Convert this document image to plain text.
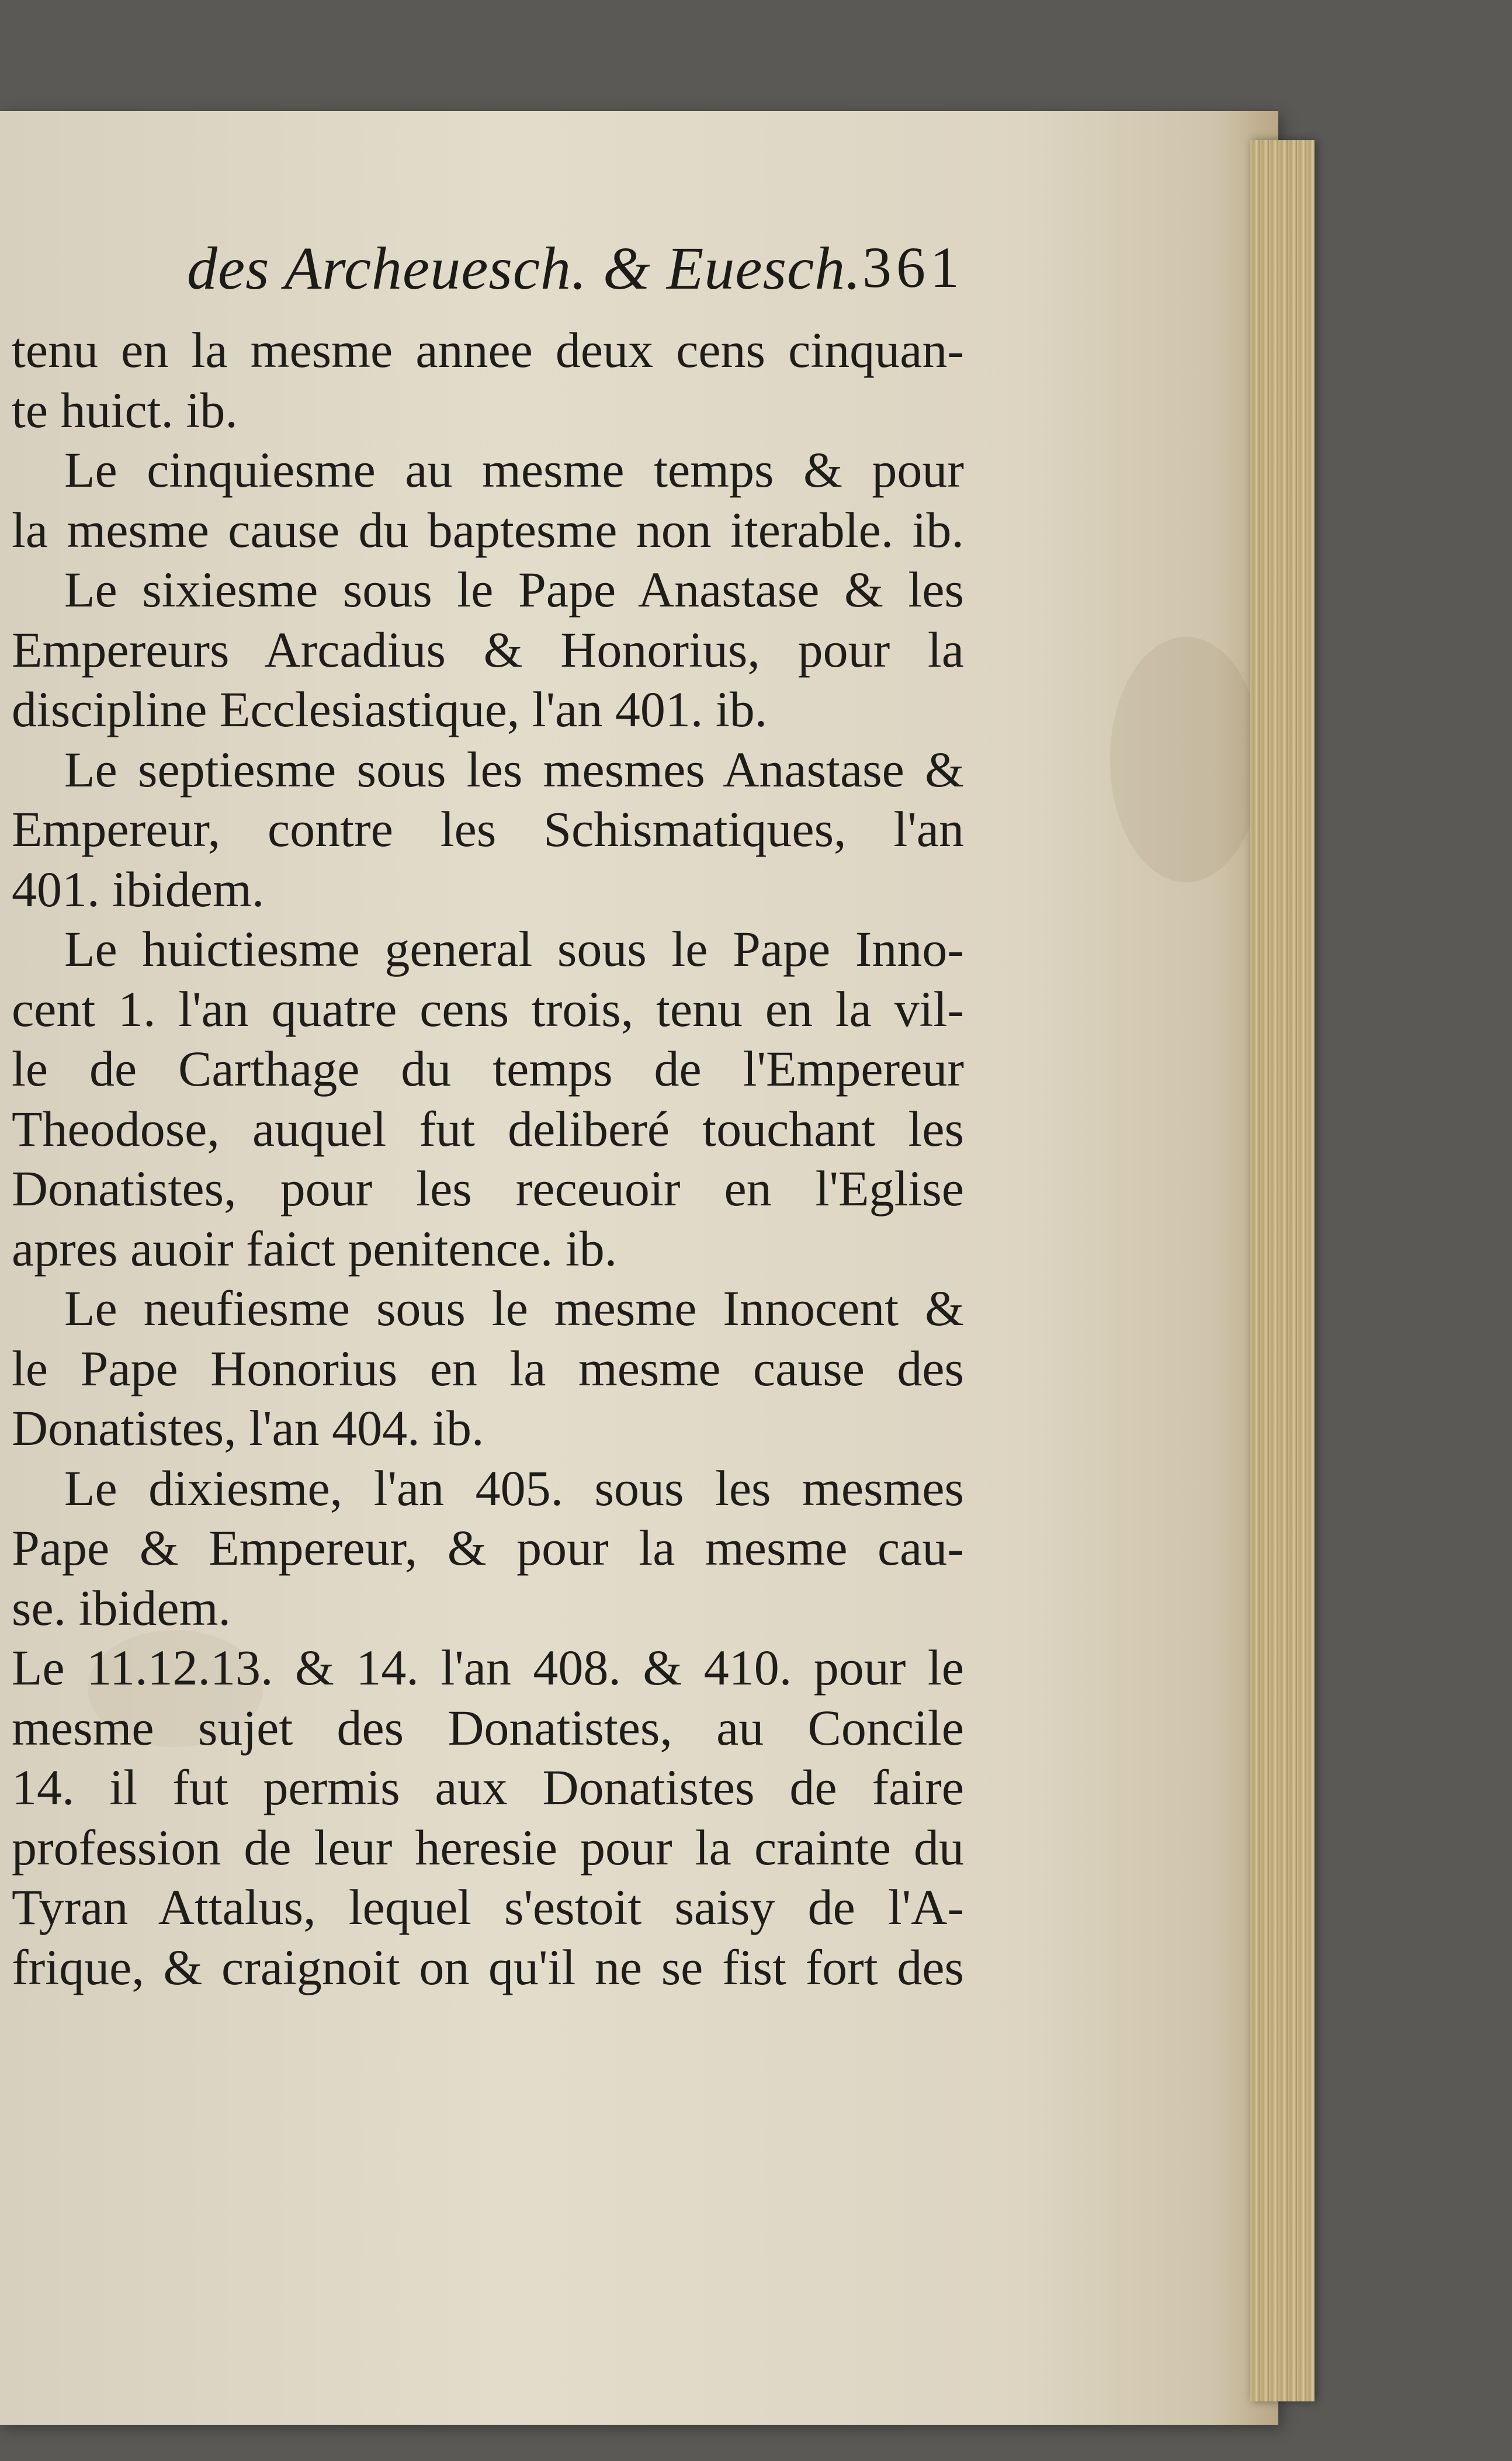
des Archeuesch. & Euesch. 361
tenu en la mesme annee deux cens cinquan-
te huict. ib.
Le cinquiesme au mesme temps & pour
la mesme cause du baptesme non iterable. ib.
Le sixiesme sous le Pape Anastase & les
Empereurs Arcadius & Honorius, pour la
discipline Ecclesiastique, l'an 401. ib.
Le septiesme sous les mesmes Anastase &
Empereur, contre les Schismatiques, l'an
401. ibidem.
Le huictiesme general sous le Pape Inno-
cent 1. l'an quatre cens trois, tenu en la vil-
le de Carthage du temps de l'Empereur
Theodose, auquel fut deliberé touchant les
Donatistes, pour les receuoir en l'Eglise
apres auoir faict penitence. ib.
Le neufiesme sous le mesme Innocent &
le Pape Honorius en la mesme cause des
Donatistes, l'an 404. ib.
Le dixiesme, l'an 405. sous les mesmes
Pape & Empereur, & pour la mesme cau-
se. ibidem.
Le 11.12.13. & 14. l'an 408. & 410. pour le
mesme sujet des Donatistes, au Concile
14. il fut permis aux Donatistes de faire
profession de leur heresie pour la crainte du
Tyran Attalus, lequel s'estoit saisy de l'A-
frique, & craignoit on qu'il ne se fist fort des
